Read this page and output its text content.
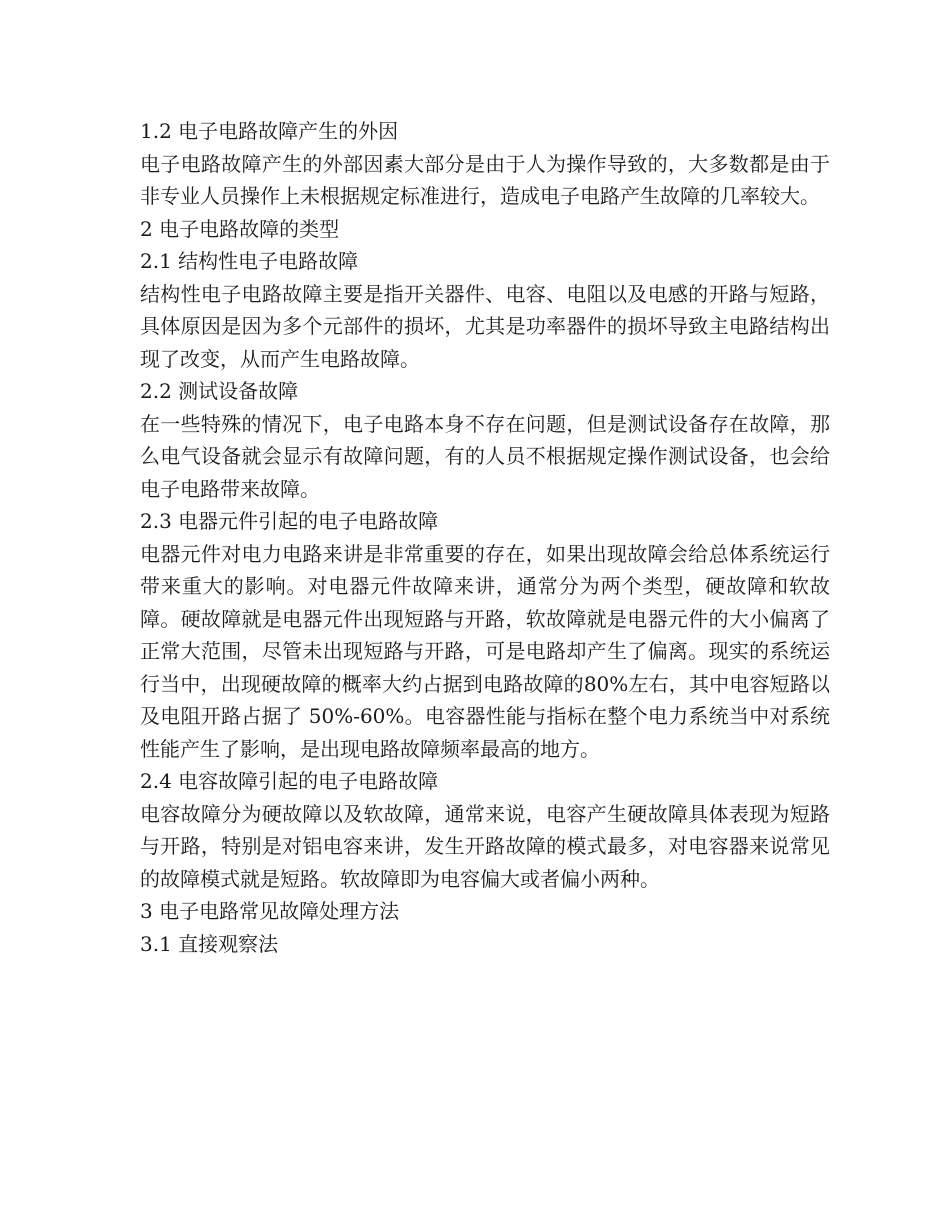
1.2 电子电路故障产生的外因

电子电路故障产生的外部因素大部分是由于人为操作导致的，大多数都是由于非专业人员操作上未根据规定标准进行，造成电子电路产生故障的几率较大。

2 电子电路故障的类型

2.1 结构性电子电路故障

结构性电子电路故障主要是指开关器件、电容、电阻以及电感的开路与短路，具体原因是因为多个元部件的损坏，尤其是功率器件的损坏导致主电路结构出现了改变，从而产生电路故障。

2.2 测试设备故障

在一些特殊的情况下，电子电路本身不存在问题，但是测试设备存在故障，那么电气设备就会显示有故障问题，有的人员不根据规定操作测试设备，也会给电子电路带来故障。

2.3 电器元件引起的电子电路故障

电器元件对电力电路来讲是非常重要的存在，如果出现故障会给总体系统运行带来重大的影响。对电器元件故障来讲，通常分为两个类型，硬故障和软故障。硬故障就是电器元件出现短路与开路，软故障就是电器元件的大小偏离了正常大范围，尽管未出现短路与开路，可是电路却产生了偏离。现实的系统运行当中，出现硬故障的概率大约占据到电路故障的80%左右，其中电容短路以及电阻开路占据了 50%-60%。电容器性能与指标在整个电力系统当中对系统性能产生了影响，是出现电路故障频率最高的地方。

2.4 电容故障引起的电子电路故障

电容故障分为硬故障以及软故障，通常来说，电容产生硬故障具体表现为短路与开路，特别是对铝电容来讲，发生开路故障的模式最多，对电容器来说常见的故障模式就是短路。软故障即为电容偏大或者偏小两种。

3 电子电路常见故障处理方法

3.1 直接观察法
